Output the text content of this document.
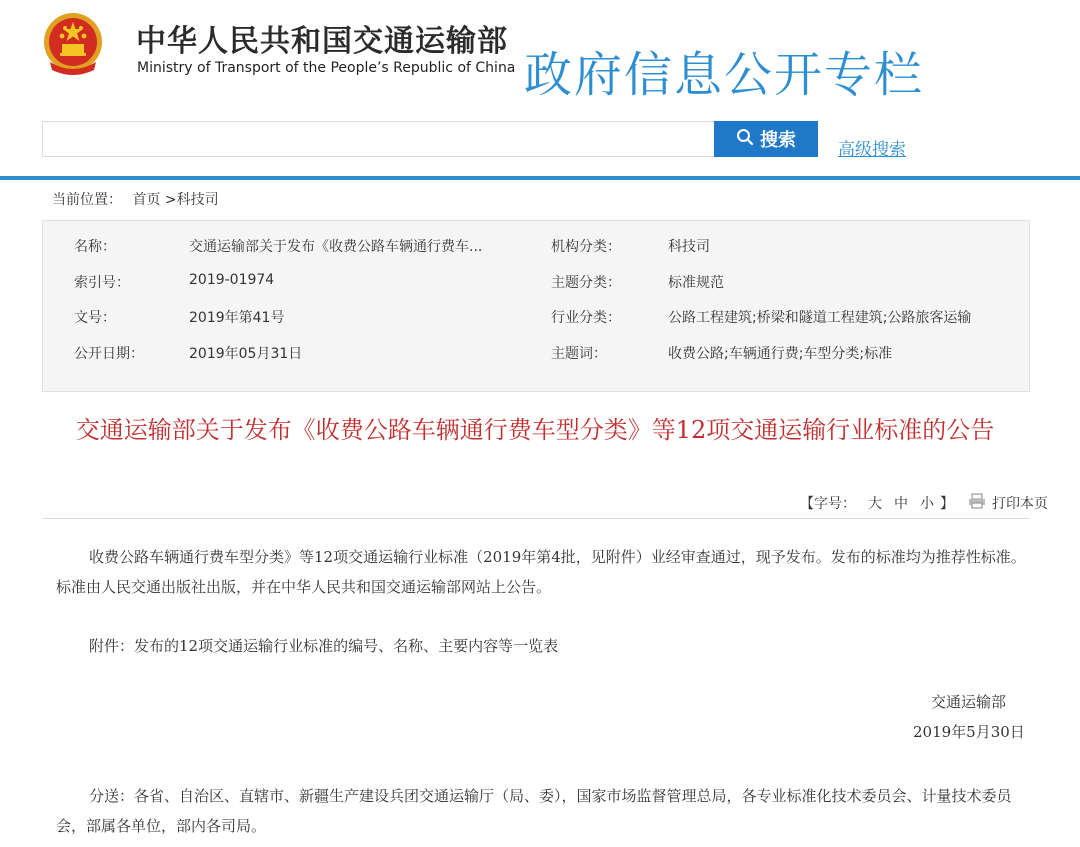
中华人民共和国交通运输部
Ministry of Transport of the People’s Republic of China 政府信息公开专栏
搜索 高级搜索
当前位置： 首页 >科技司
名称：	交通运输部关于发布《收费公路车辆通行费车...	机构分类：	科技司
索引号：	2019-01974	主题分类：	标准规范
文号：	2019年第41号	行业分类：	公路工程建筑;桥梁和隧道工程建筑;公路旅客运输
公开日期：	2019年05月31日	主题词：	收费公路;车辆通行费;车型分类;标准
交通运输部关于发布《收费公路车辆通行费车型分类》等12项交通运输行业标准的公告
【字号： 大 中 小 】	打印本页
收费公路车辆通行费车型分类》等12项交通运输行业标准（2019年第4批，见附件）业经审查通过，现予发布。发布的标准均为推荐性标准。标准由人民交通出版社出版，并在中华人民共和国交通运输部网站上公告。
附件：发布的12项交通运输行业标准的编号、名称、主要内容等一览表
交通运输部
2019年5月30日
分送：各省、自治区、直辖市、新疆生产建设兵团交通运输厅（局、委），国家市场监督管理总局，各专业标准化技术委员会、计量技术委员会，部属各单位，部内各司局。
